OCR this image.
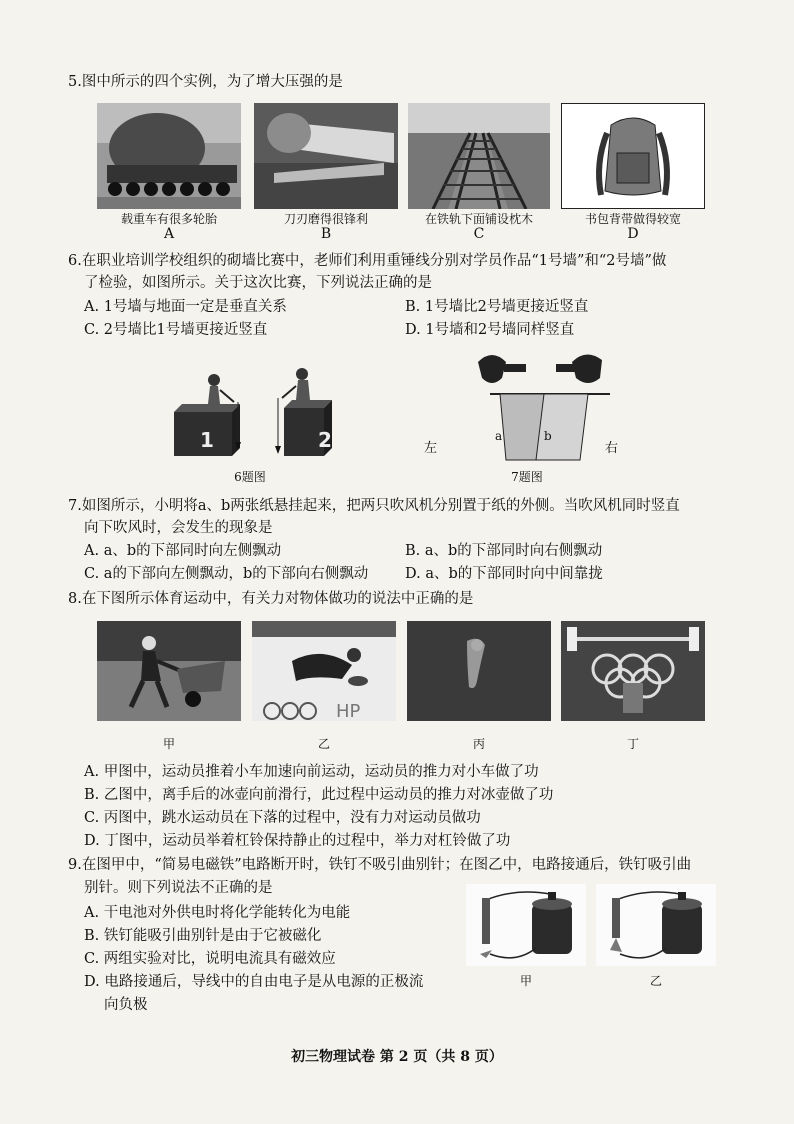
5.图中所示的四个实例，为了增大压强的是
载重车有很多轮胎	刀刃磨得很锋利	在铁轨下面铺设枕木	书包背带做得较宽
A	B	C	D
6.在职业培训学校组织的砌墙比赛中，老师们利用重锤线分别对学员作品“1号墙”和“2号墙”做
了检验，如图所示。关于这次比赛，下列说法正确的是
A. 1号墙与地面一定是垂直关系	B. 1号墙比2号墙更接近竖直
C. 2号墙比1号墙更接近竖直	D. 1号墙和2号墙同样竖直
1	2
6题图
a	b
左	右
7题图
7.如图所示，小明将a、b两张纸悬挂起来，把两只吹风机分别置于纸的外侧。当吹风机同时竖直
向下吹风时，会发生的现象是
A. a、b的下部同时向左侧飘动	B. a、b的下部同时向右侧飘动
C. a的下部向左侧飘动，b的下部向右侧飘动	D. a、b的下部同时向中间靠拢
8.在下图所示体育运动中，有关力对物体做功的说法中正确的是
HP
甲	乙	丙	丁
A. 甲图中，运动员推着小车加速向前运动，运动员的推力对小车做了功
B. 乙图中，离手后的冰壶向前滑行，此过程中运动员的推力对冰壶做了功
C. 丙图中，跳水运动员在下落的过程中，没有力对运动员做功
D. 丁图中，运动员举着杠铃保持静止的过程中，举力对杠铃做了功
9.在图甲中，“简易电磁铁”电路断开时，铁钉不吸引曲别针；在图乙中，电路接通后，铁钉吸引曲
别针。则下列说法不正确的是
A. 干电池对外供电时将化学能转化为电能
B. 铁钉能吸引曲别针是由于它被磁化
C. 两组实验对比，说明电流具有磁效应
D. 电路接通后，导线中的自由电子是从电源的正极流
向负极
甲	乙
初三物理试卷 第 2 页（共 8 页）
